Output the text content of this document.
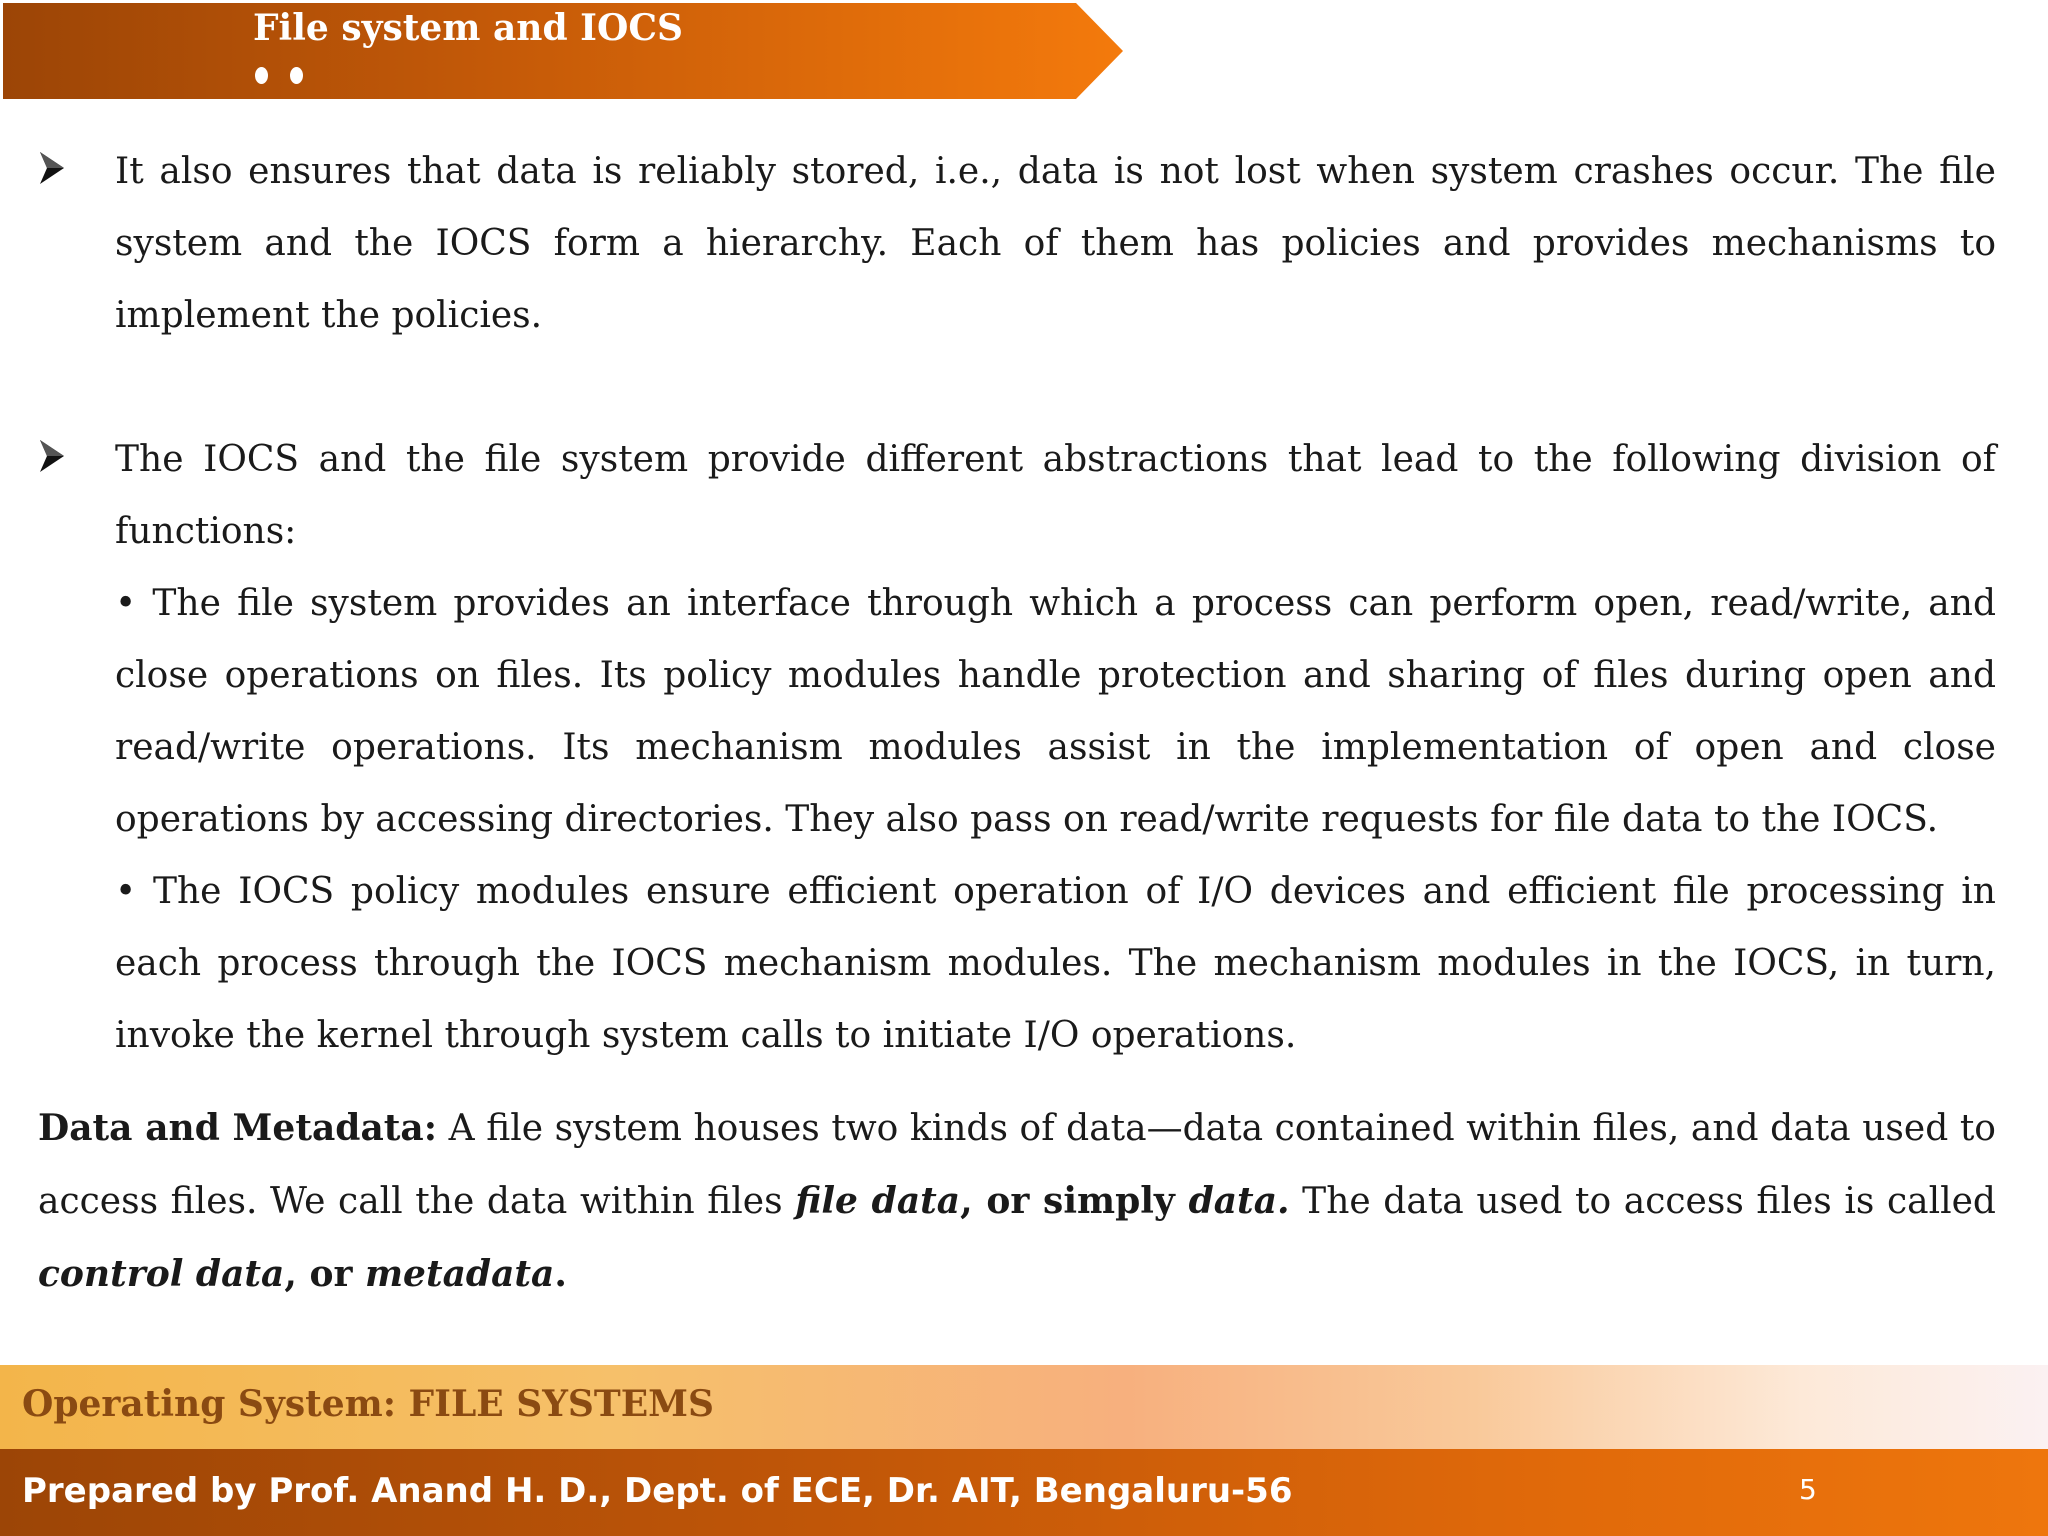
File system and IOCS

It also ensures that data is reliably stored, i.e., data is not lost when system crashes occur. The file system and the IOCS form a hierarchy. Each of them has policies and provides mechanisms to implement the policies.

The IOCS and the file system provide different abstractions that lead to the following division of functions:

• The file system provides an interface through which a process can perform open, read/write, and close operations on files. Its policy modules handle protection and sharing of files during open and read/write operations. Its mechanism modules assist in the implementation of open and close operations by accessing directories. They also pass on read/write requests for file data to the IOCS.

• The IOCS policy modules ensure efficient operation of I/O devices and efficient file processing in each process through the IOCS mechanism modules. The mechanism modules in the IOCS, in turn, invoke the kernel through system calls to initiate I/O operations.

Data and Metadata: A file system houses two kinds of data—data contained within files, and data used to access files. We call the data within files file data, or simply data. The data used to access files is called control data, or metadata.

Operating System: FILE SYSTEMS
Prepared by Prof. Anand H. D., Dept. of ECE, Dr. AIT, Bengaluru-56	5
